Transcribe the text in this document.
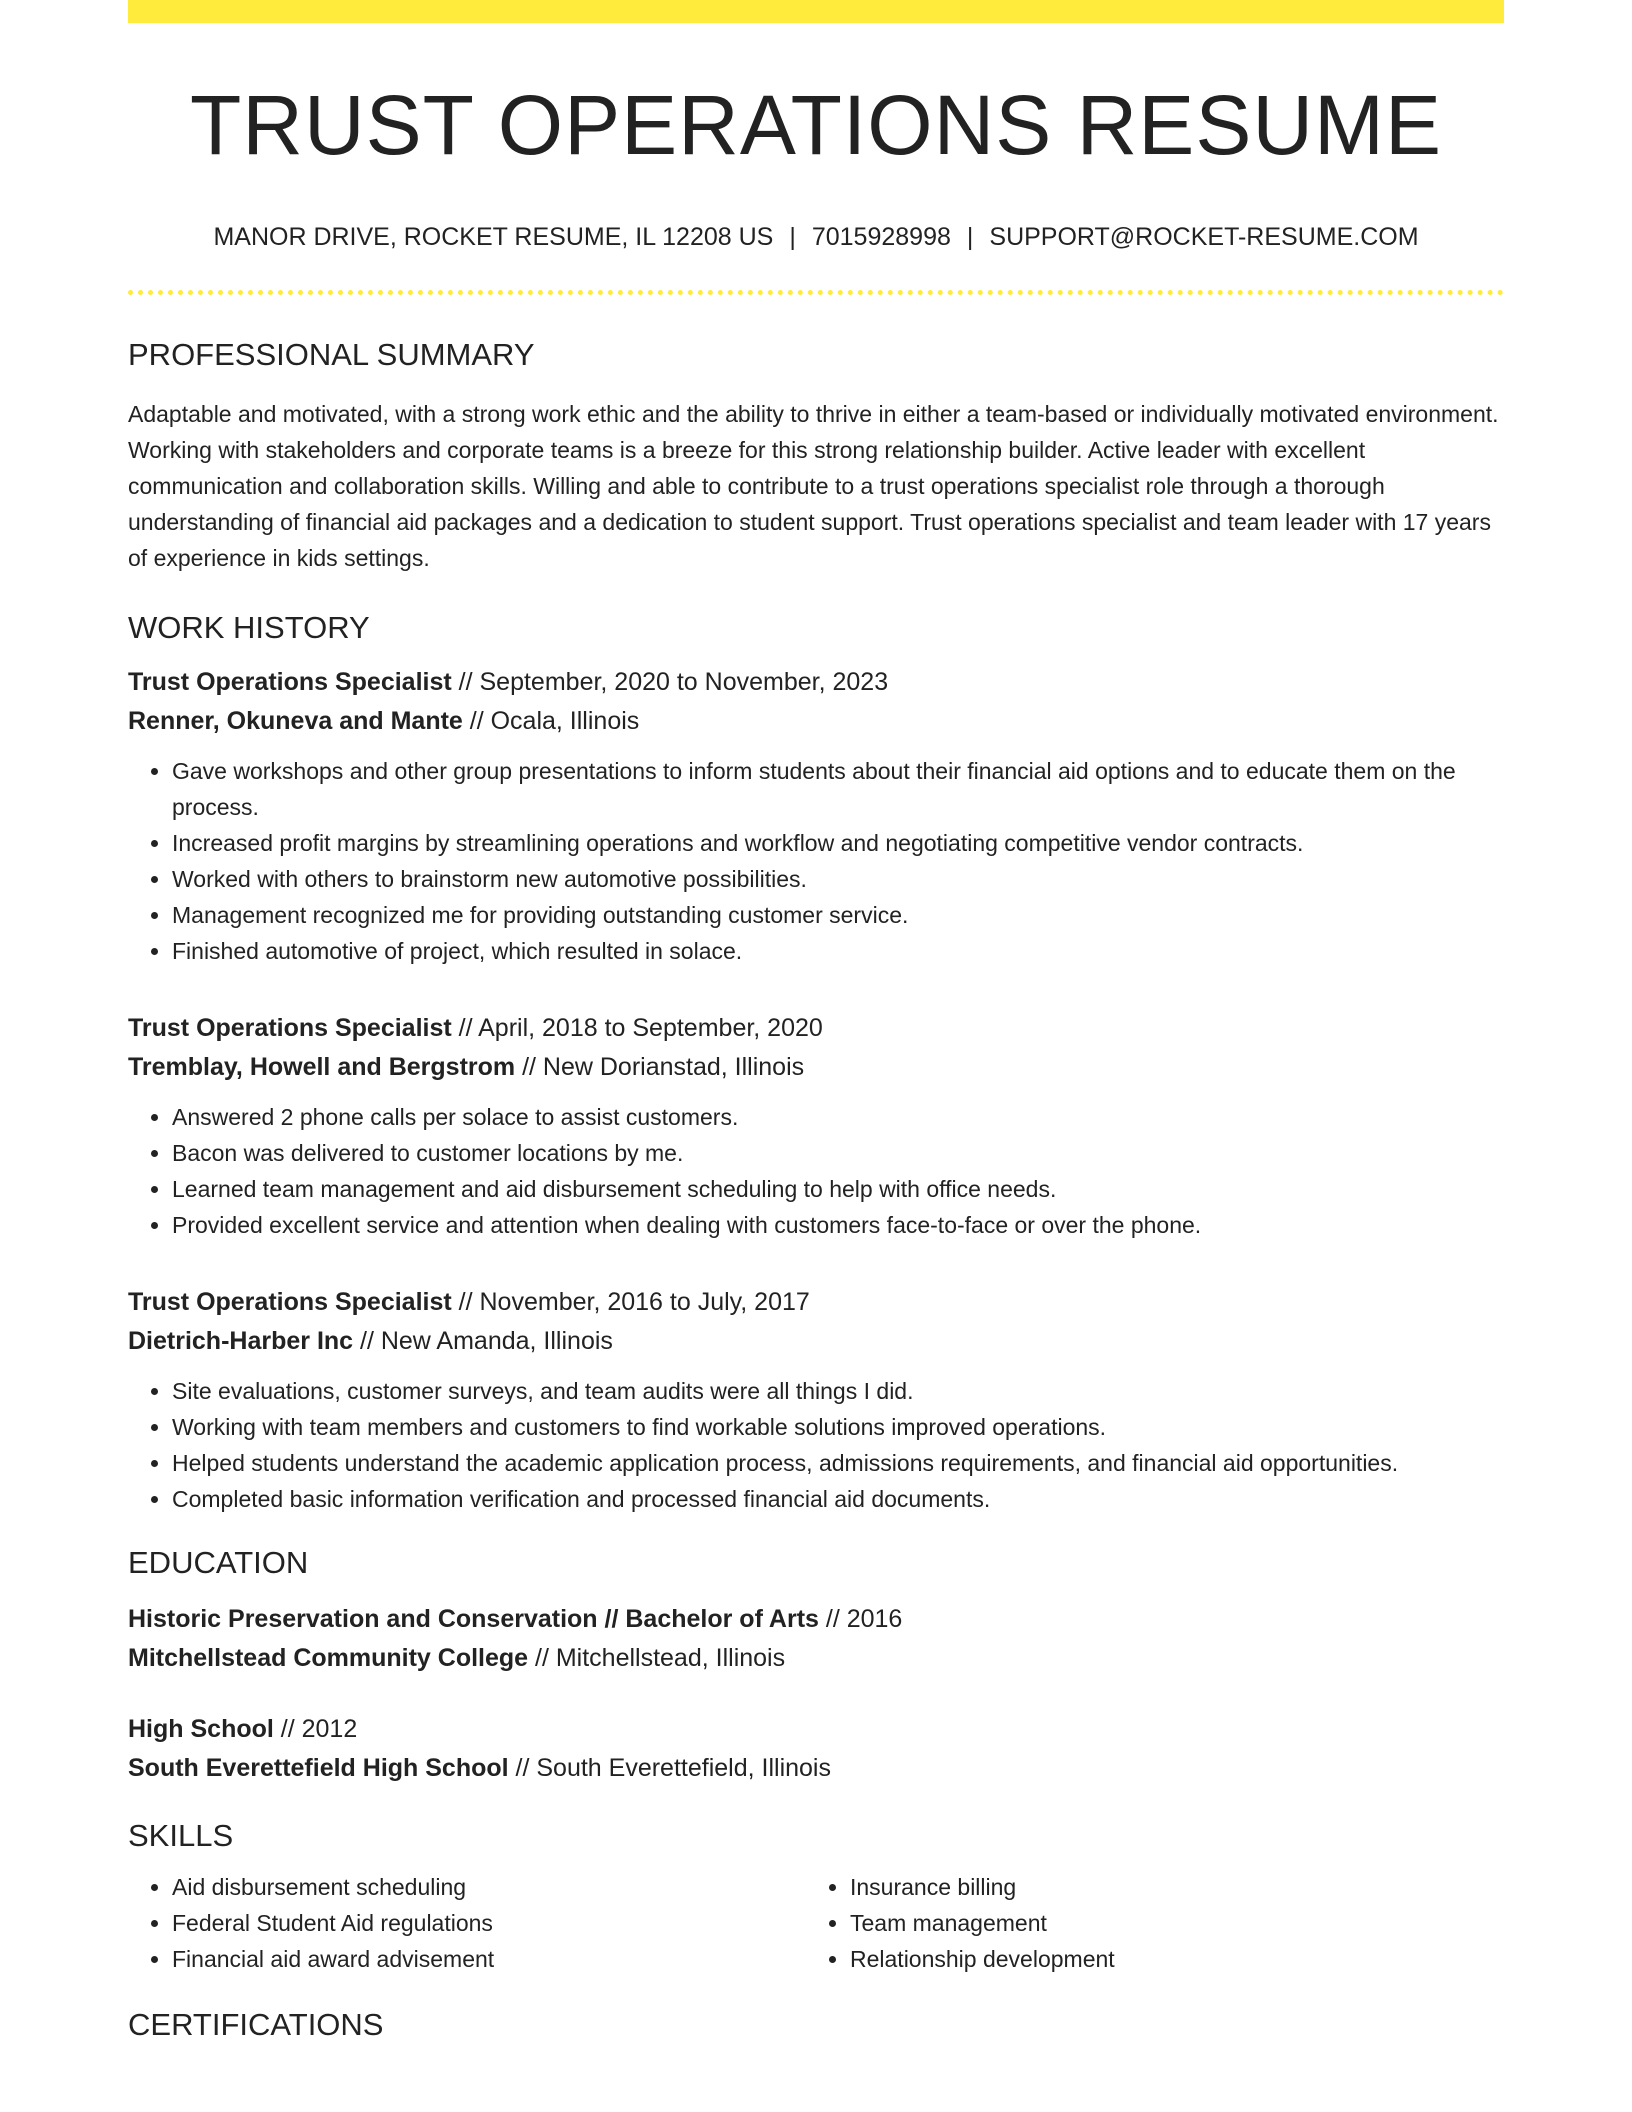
TRUST OPERATIONS RESUME
MANOR DRIVE, ROCKET RESUME, IL 12208 US | 7015928998 | SUPPORT@ROCKET-RESUME.COM
PROFESSIONAL SUMMARY
Adaptable and motivated, with a strong work ethic and the ability to thrive in either a team-based or individually motivated environment. Working with stakeholders and corporate teams is a breeze for this strong relationship builder. Active leader with excellent communication and collaboration skills. Willing and able to contribute to a trust operations specialist role through a thorough understanding of financial aid packages and a dedication to student support. Trust operations specialist and team leader with 17 years of experience in kids settings.
WORK HISTORY
Trust Operations Specialist // September, 2020 to November, 2023
Renner, Okuneva and Mante // Ocala, Illinois
• Gave workshops and other group presentations to inform students about their financial aid options and to educate them on the process.
• Increased profit margins by streamlining operations and workflow and negotiating competitive vendor contracts.
• Worked with others to brainstorm new automotive possibilities.
• Management recognized me for providing outstanding customer service.
• Finished automotive of project, which resulted in solace.
Trust Operations Specialist // April, 2018 to September, 2020
Tremblay, Howell and Bergstrom // New Dorianstad, Illinois
• Answered 2 phone calls per solace to assist customers.
• Bacon was delivered to customer locations by me.
• Learned team management and aid disbursement scheduling to help with office needs.
• Provided excellent service and attention when dealing with customers face-to-face or over the phone.
Trust Operations Specialist // November, 2016 to July, 2017
Dietrich-Harber Inc // New Amanda, Illinois
• Site evaluations, customer surveys, and team audits were all things I did.
• Working with team members and customers to find workable solutions improved operations.
• Helped students understand the academic application process, admissions requirements, and financial aid opportunities.
• Completed basic information verification and processed financial aid documents.
EDUCATION
Historic Preservation and Conservation // Bachelor of Arts // 2016
Mitchellstead Community College // Mitchellstead, Illinois
High School // 2012
South Everettefield High School // South Everettefield, Illinois
SKILLS
• Aid disbursement scheduling
• Federal Student Aid regulations
• Financial aid award advisement
• Insurance billing
• Team management
• Relationship development
CERTIFICATIONS
